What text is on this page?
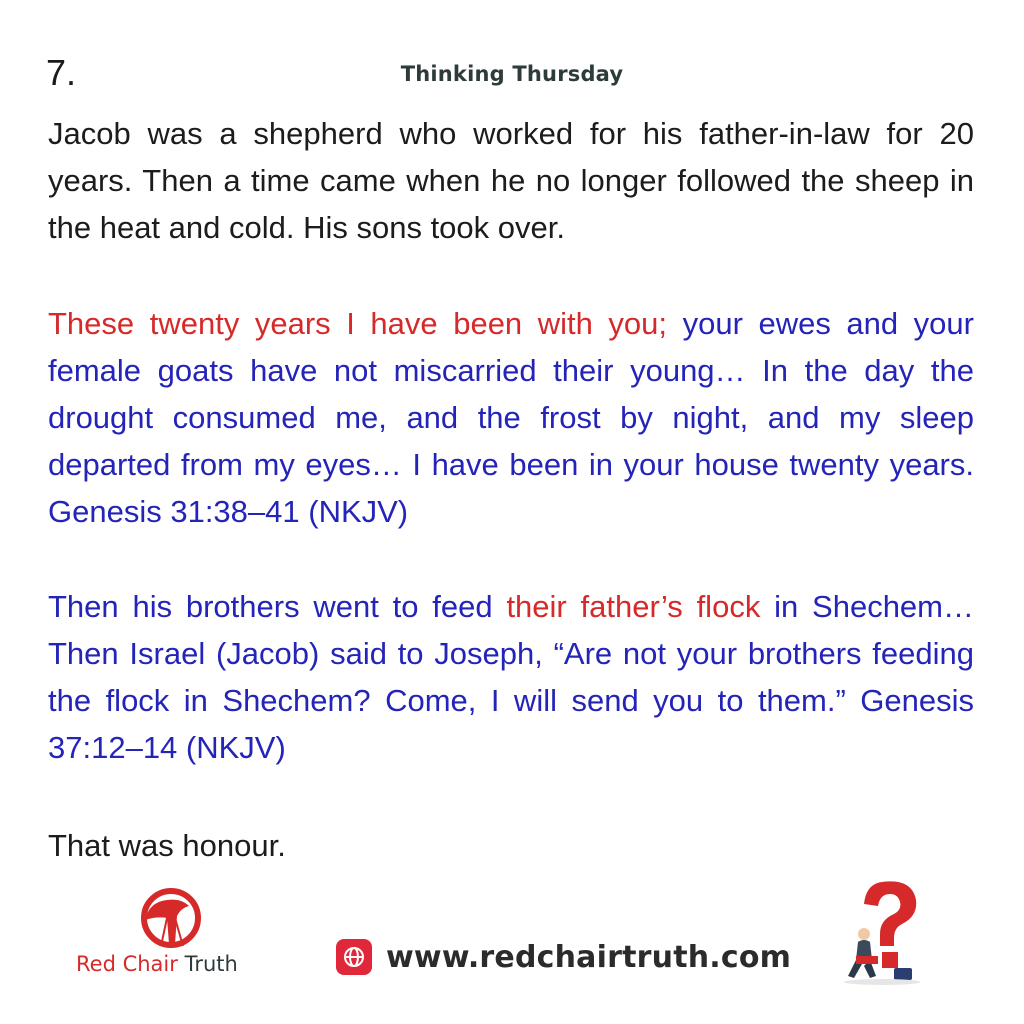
7.	Thinking Thursday
Jacob was a shepherd who worked for his father-in-law for 20 years. Then a time came when he no longer followed the sheep in the heat and cold. His sons took over.
These twenty years I have been with you; your ewes and your female goats have not miscarried their young… In the day the drought consumed me, and the frost by night, and my sleep departed from my eyes… I have been in your house twenty years. Genesis 31:38–41 (NKJV)
Then his brothers went to feed their father’s flock in Shechem… Then Israel (Jacob) said to Joseph, “Are not your brothers feeding the flock in Shechem? Come, I will send you to them.” Genesis 37:12–14 (NKJV)
That was honour.
Red Chair Truth	www.redchairtruth.com
